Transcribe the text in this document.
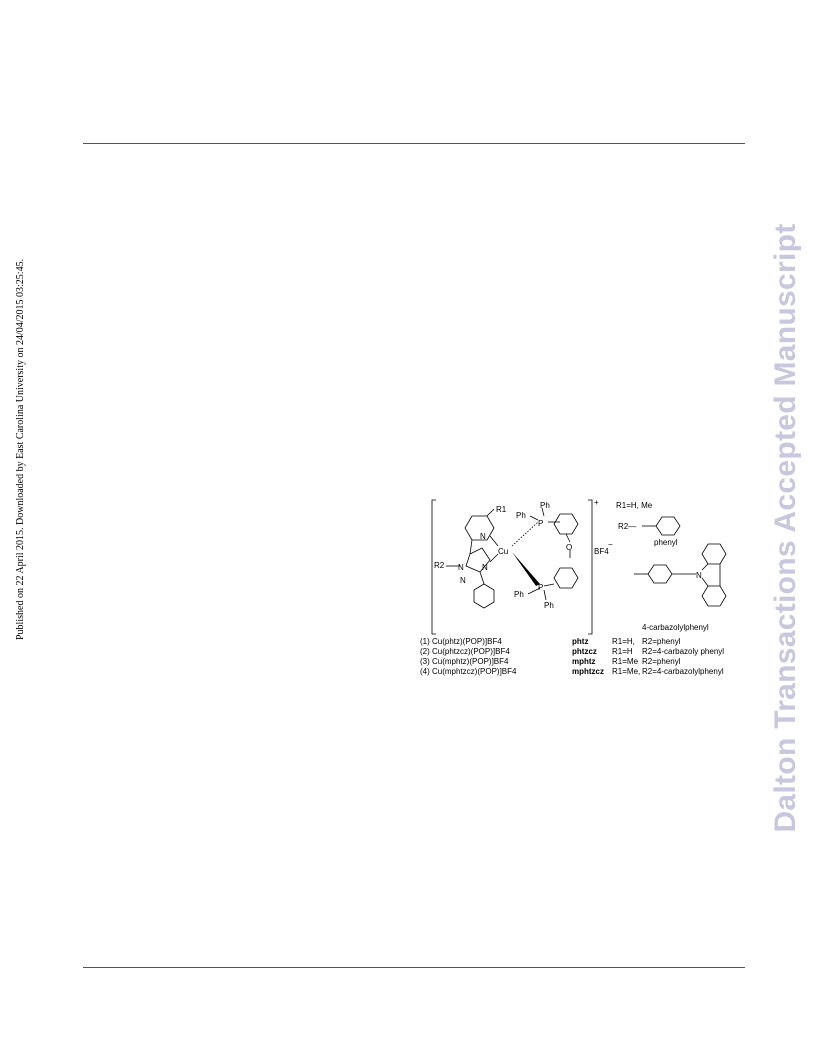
Published on 22 April 2015. Downloaded by East Carolina University on 24/04/2015 03:25:45.	Dalton Transactions Accepted Manuscript
R1
N
Cu
R2 N
N
N
P
Ph
Ph
O
P
Ph
Ph
+
BF4
−
R1=H, Me
R2—
phenyl
N
4-carbazolylphenyl
(1) Cu(phtz)(POP)]BF4
(2) Cu(phtzcz)(POP)]BF4
(3) Cu(mphtz)(POP)]BF4
(4) Cu(mphtzcz)(POP)]BF4
phtz	R1=H, R2=phenyl
phtzcz R1=H R2=4-carbazoly phenyl
mphtz R1=Me R2=phenyl
mphtzcz R1=Me, R2=4-carbazolylphenyl
